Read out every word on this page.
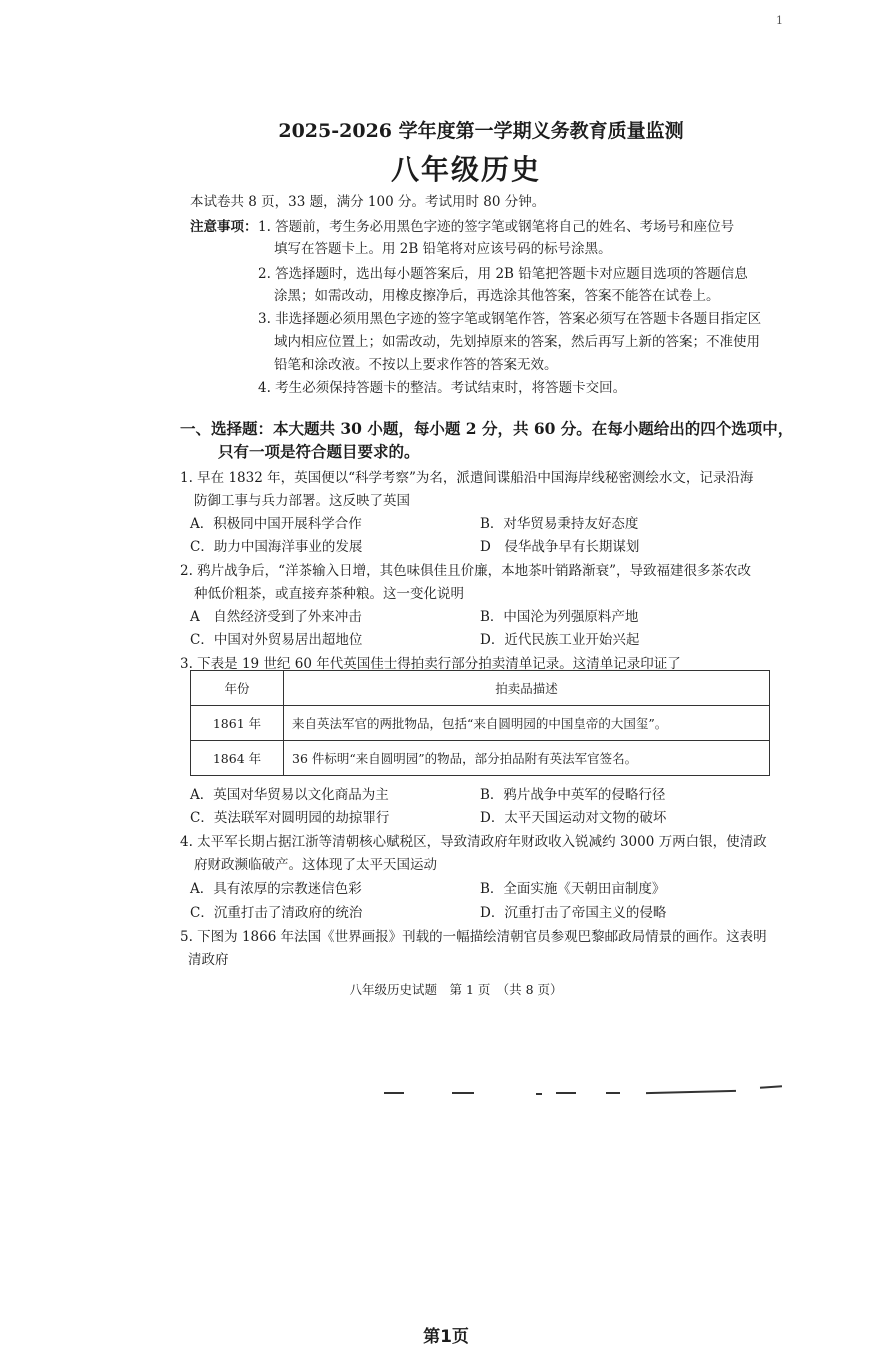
1
2025-2026 学年度第一学期义务教育质量监测
八年级历史
本试卷共 8 页，33 题，满分 100 分。考试用时 80 分钟。
注意事项： 1. 答题前，考生务必用黑色字迹的签字笔或钢笔将自己的姓名、考场号和座位号
填写在答题卡上。用 2B 铅笔将对应该号码的标号涂黑。
2. 答选择题时，选出每小题答案后，用 2B 铅笔把答题卡对应题目选项的答题信息
涂黑；如需改动，用橡皮擦净后，再选涂其他答案，答案不能答在试卷上。
3. 非选择题必须用黑色字迹的签字笔或钢笔作答，答案必须写在答题卡各题目指定区
域内相应位置上；如需改动，先划掉原来的答案，然后再写上新的答案；不准使用
铅笔和涂改液。不按以上要求作答的答案无效。
4. 考生必须保持答题卡的整洁。考试结束时，将答题卡交回。
一、选择题：本大题共 30 小题，每小题 2 分，共 60 分。在每小题给出的四个选项中，
只有一项是符合题目要求的。
1. 早在 1832 年，英国便以“科学考察”为名，派遣间谍船沿中国海岸线秘密测绘水文，记录沿海
防御工事与兵力部署。这反映了英国
A．积极同中国开展科学合作	B．对华贸易秉持友好态度
C．助力中国海洋事业的发展	D　侵华战争早有长期谋划
2. 鸦片战争后，“洋茶输入日增，其色味俱佳且价廉，本地茶叶销路渐衰”，导致福建很多茶农改
种低价粗茶，或直接弃茶种粮。这一变化说明
A　自然经济受到了外来冲击	B．中国沦为列强原料产地
C．中国对外贸易居出超地位	D．近代民族工业开始兴起
3. 下表是 19 世纪 60 年代英国佳士得拍卖行部分拍卖清单记录。这清单记录印证了
年份	拍卖品描述
1861 年	来自英法军官的两批物品，包括“来自圆明园的中国皇帝的大国玺”。
1864 年	36 件标明“来自圆明园”的物品，部分拍品附有英法军官签名。
A．英国对华贸易以文化商品为主	B．鸦片战争中英军的侵略行径
C．英法联军对圆明园的劫掠罪行	D．太平天国运动对文物的破坏
4. 太平军长期占据江浙等清朝核心赋税区，导致清政府年财政收入锐减约 3000 万两白银，使清政
府财政濒临破产。这体现了太平天国运动
A．具有浓厚的宗教迷信色彩	B．全面实施《天朝田亩制度》
C．沉重打击了清政府的统治	D．沉重打击了帝国主义的侵略
5. 下图为 1866 年法国《世界画报》刊载的一幅描绘清朝官员参观巴黎邮政局情景的画作。这表明
清政府
八年级历史试题　第 1 页　（共 8 页）
第1页
